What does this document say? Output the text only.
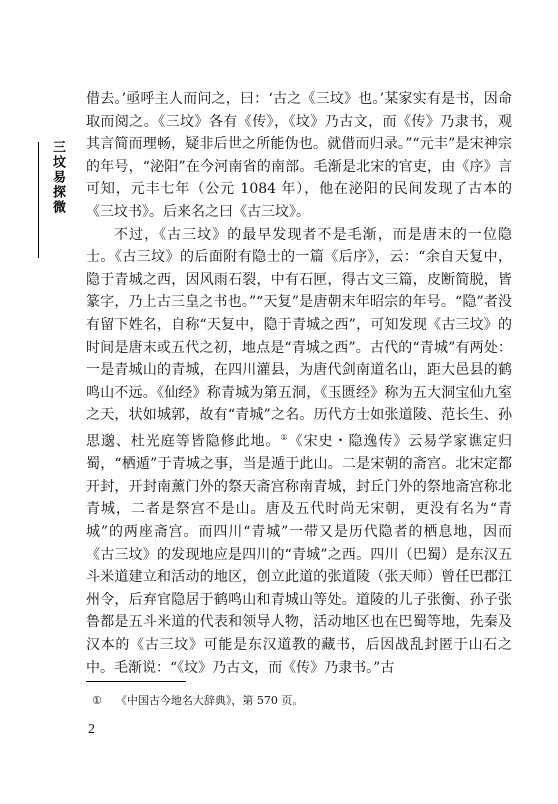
三坟易探微

借去。’亟呼主人而问之，曰：‘古之《三坟》也。’某家实有是书，因命取而阅之。《三坟》各有《传》，《坟》乃古文，而《传》乃隶书，观其言简而理畅，疑非后世之所能伪也。就借而归录。”“元丰”是宋神宗的年号，“泌阳”在今河南省的南部。毛渐是北宋的官吏，由《序》言可知，元丰七年（公元 1084 年），他在泌阳的民间发现了古本的《三坟书》。后来名之曰《古三坟》。

不过，《古三坟》的最早发现者不是毛渐，而是唐末的一位隐士。《古三坟》的后面附有隐士的一篇《后序》，云：“余自天复中，隐于青城之西，因风雨石裂，中有石匣，得古文三篇，皮断简脱，皆篆字，乃上古三皇之书也。”“天复”是唐朝末年昭宗的年号。“隐”者没有留下姓名，自称“天复中，隐于青城之西”，可知发现《古三坟》的时间是唐末或五代之初，地点是“青城之西”。古代的“青城”有两处：一是青城山的青城，在四川灌县，为唐代剑南道名山，距大邑县的鹤鸣山不远。《仙经》称青城为第五洞，《玉匮经》称为五大洞宝仙九室之天，状如城郭，故有“青城”之名。历代方士如张道陵、范长生、孙思邈、杜光庭等皆隐修此地。①《宋史・隐逸传》云易学家谯定归蜀，“栖遁”于青城之事，当是遁于此山。二是宋朝的斋宫。北宋定都开封，开封南薰门外的祭天斋宫称南青城，封丘门外的祭地斋宫称北青城，二者是祭宫不是山。唐及五代时尚无宋朝，更没有名为“青城”的两座斋宫。而四川“青城”一带又是历代隐者的栖息地，因而《古三坟》的发现地应是四川的“青城”之西。四川（巴蜀）是东汉五斗米道建立和活动的地区，创立此道的张道陵（张天师）曾任巴郡江州令，后弃官隐居于鹤鸣山和青城山等处。道陵的儿子张衡、孙子张鲁都是五斗米道的代表和领导人物，活动地区也在巴蜀等地，先秦及汉本的《古三坟》可能是东汉道教的藏书，后因战乱封匿于山石之中。毛渐说：“《坟》乃古文，而《传》乃隶书。”古

① 《中国古今地名大辞典》，第 570 页。
2
